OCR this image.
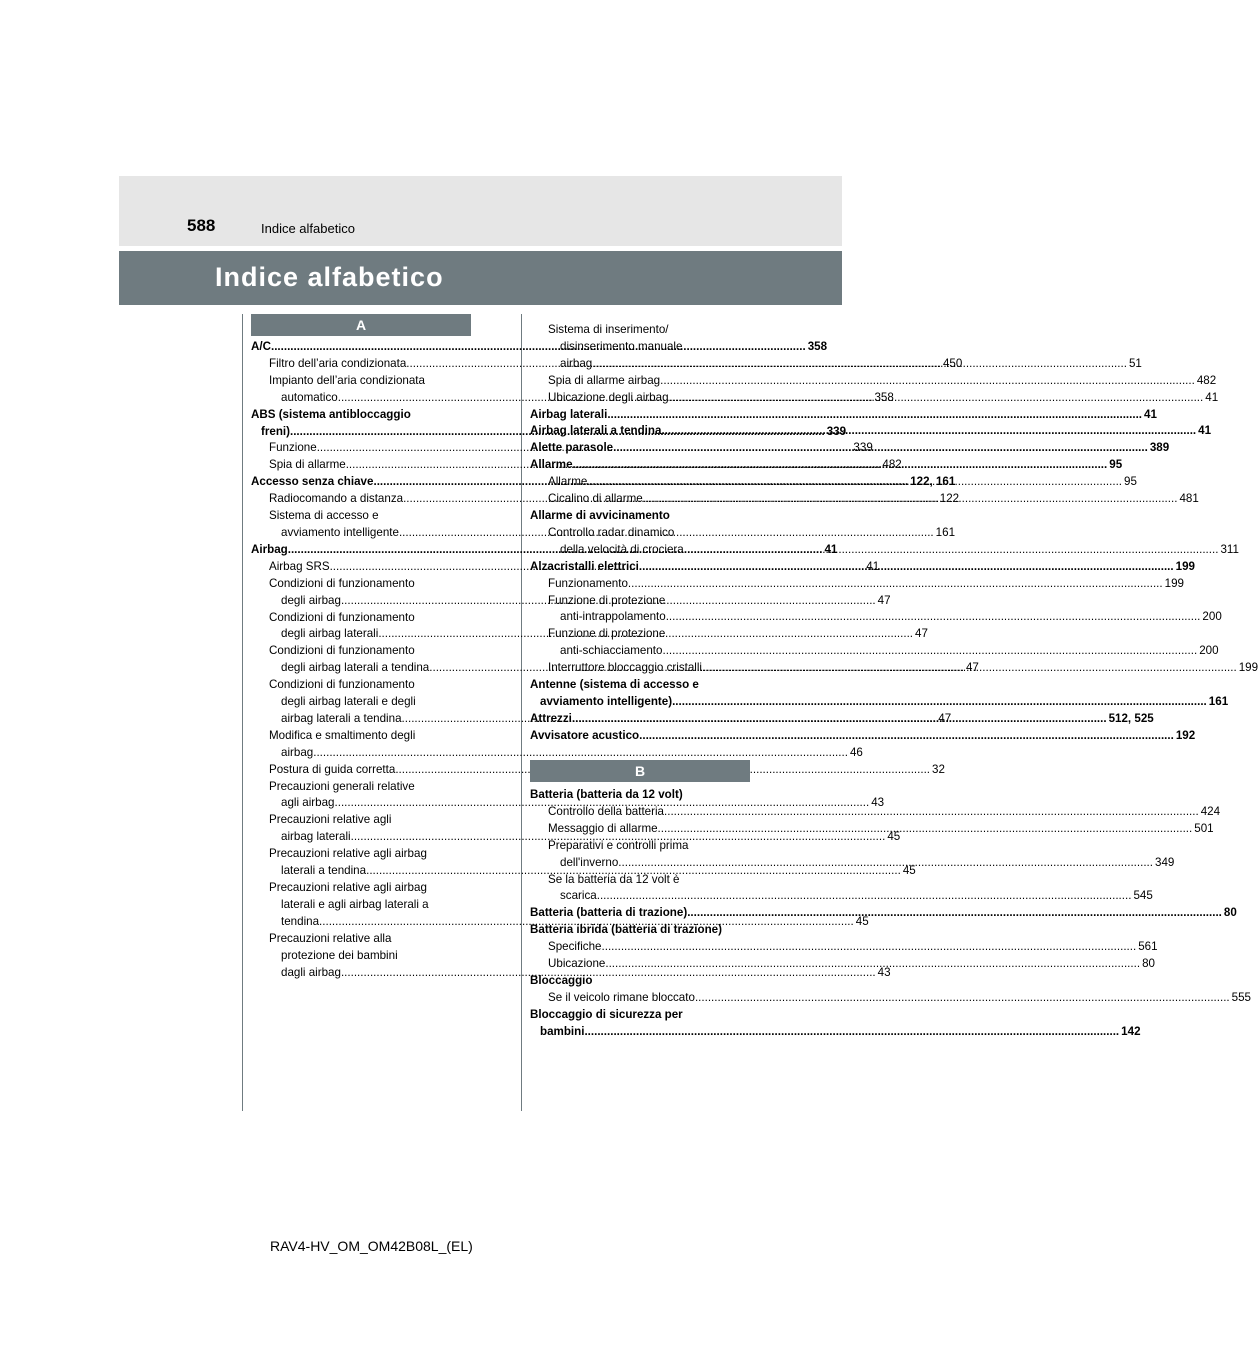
588	Indice alfabetico
Indice alfabetico
A
A/C .....	358
Filtro dell’aria condizionata .....	450
Impianto dell’aria condizionata
automatico .....	358
ABS (sistema antibloccaggio
freni) .....	339
Funzione .....	339
Spia di allarme .....	482
Accesso senza chiave .....	122, 161
Radiocomando a distanza .....	122
Sistema di accesso e
avviamento intelligente .....	161
Airbag .....	41
Airbag SRS .....	41
Condizioni di funzionamento
degli airbag .....	47
Condizioni di funzionamento
degli airbag laterali .....	47
Condizioni di funzionamento
degli airbag laterali a tendina .....	47
Condizioni di funzionamento
degli airbag laterali e degli
airbag laterali a tendina .....	47
Modifica e smaltimento degli
airbag .....	46
Postura di guida corretta .....	32
Precauzioni generali relative
agli airbag .....	43
Precauzioni relative agli
airbag laterali .....	45
Precauzioni relative agli airbag
laterali a tendina .....	45
Precauzioni relative agli airbag
laterali e agli airbag laterali a
tendina .....	45
Precauzioni relative alla
protezione dei bambini
dagli airbag .....	43
Sistema di inserimento/
disinserimento manuale
airbag .....	51
Spia di allarme airbag .....	482
Ubicazione degli airbag .....	41
Airbag laterali .....	41
Airbag laterali a tendina .....	41
Alette parasole .....	389
Allarme .....	95
Allarme .....	95
Cicalino di allarme .....	481
Allarme di avvicinamento
Controllo radar dinamico
della velocità di crociera .....	311
Alzacristalli elettrici .....	199
Funzionamento .....	199
Funzione di protezione
anti-intrappolamento .....	200
Funzione di protezione
anti-schiacciamento .....	200
Interruttore bloccaggio cristalli .....	199
Antenne (sistema di accesso e
avviamento intelligente) .....	161
Attrezzi .....	512, 525
Avvisatore acustico .....	192
B
Batteria (batteria da 12 volt)
Controllo della batteria .....	424
Messaggio di allarme .....	501
Preparativi e controlli prima
dell'inverno .....	349
Se la batteria da 12 volt è
scarica .....	545
Batteria (batteria di trazione) .....	80
Batteria ibrida (batteria di trazione)
Specifiche .....	561
Ubicazione .....	80
Bloccaggio
Se il veicolo rimane bloccato .....	555
Bloccaggio di sicurezza per
bambini .....	142
RAV4-HV_OM_OM42B08L_(EL)
